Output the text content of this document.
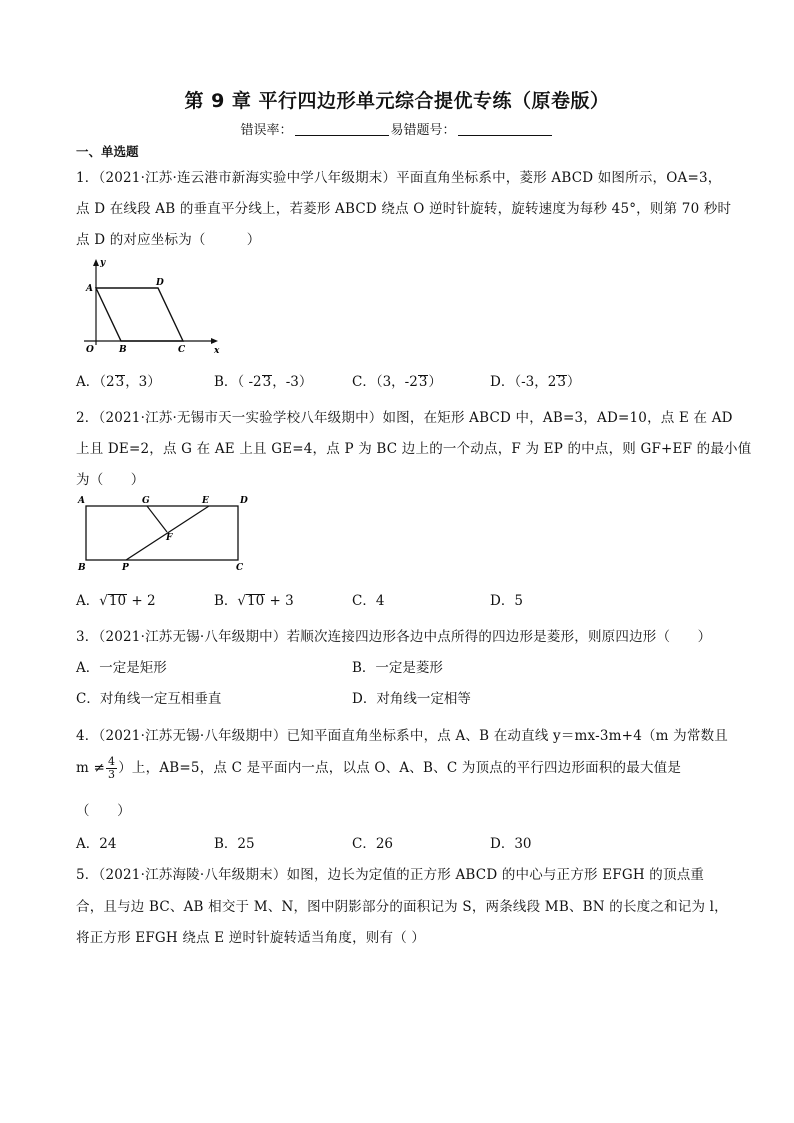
第 9 章 平行四边形单元综合提优专练（原卷版）
错误率：	易错题号：
一、单选题
1．（2021·江苏·连云港市新海实验中学八年级期末）平面直角坐标系中，菱形 ABCD 如图所示，OA=3，
点 D 在线段 AB 的垂直平分线上，若菱形 ABCD 绕点 O 逆时针旋转，旋转速度为每秒 45°，则第 70 秒时
点 D 的对应坐标为（　　　）
y
x
A
D
O	B	C
A．（23，3）	B．（ -23，-3）	C．（3，-23）	D．（-3，23）
2．（2021·江苏·无锡市天一实验学校八年级期中）如图，在矩形 ABCD 中，AB=3，AD=10，点 E 在 AD
上且 DE=2，点 G 在 AE 上且 GE=4，点 P 为 BC 边上的一个动点，F 为 EP 的中点，则 GF+EF 的最小值
为（　　）
A	G	E	D
F
B	P	C
A．√10 + 2	B．√10 + 3	C．4	D．5
3．（2021·江苏无锡·八年级期中）若顺次连接四边形各边中点所得的四边形是菱形，则原四边形（　　）
A．一定是矩形	B．一定是菱形
C．对角线一定互相垂直	D．对角线一定相等
4．（2021·江苏无锡·八年级期中）已知平面直角坐标系中，点 A、B 在动直线 y＝mx-3m+4（m 为常数且
$m \ne \frac{4}{3}$ ）上，AB=5，点 C 是平面内一点，以点 O、A、B、C 为顶点的平行四边形面积的最大值是
（　　）
A．24	B．25	C．26	D．30
5．（2021·江苏海陵·八年级期末）如图，边长为定值的正方形 ABCD 的中心与正方形 EFGH 的顶点重
合，且与边 BC、AB 相交于 M、N，图中阴影部分的面积记为 S，两条线段 MB、BN 的长度之和记为 l，
将正方形 EFGH 绕点 E 逆时针旋转适当角度，则有（ ）
